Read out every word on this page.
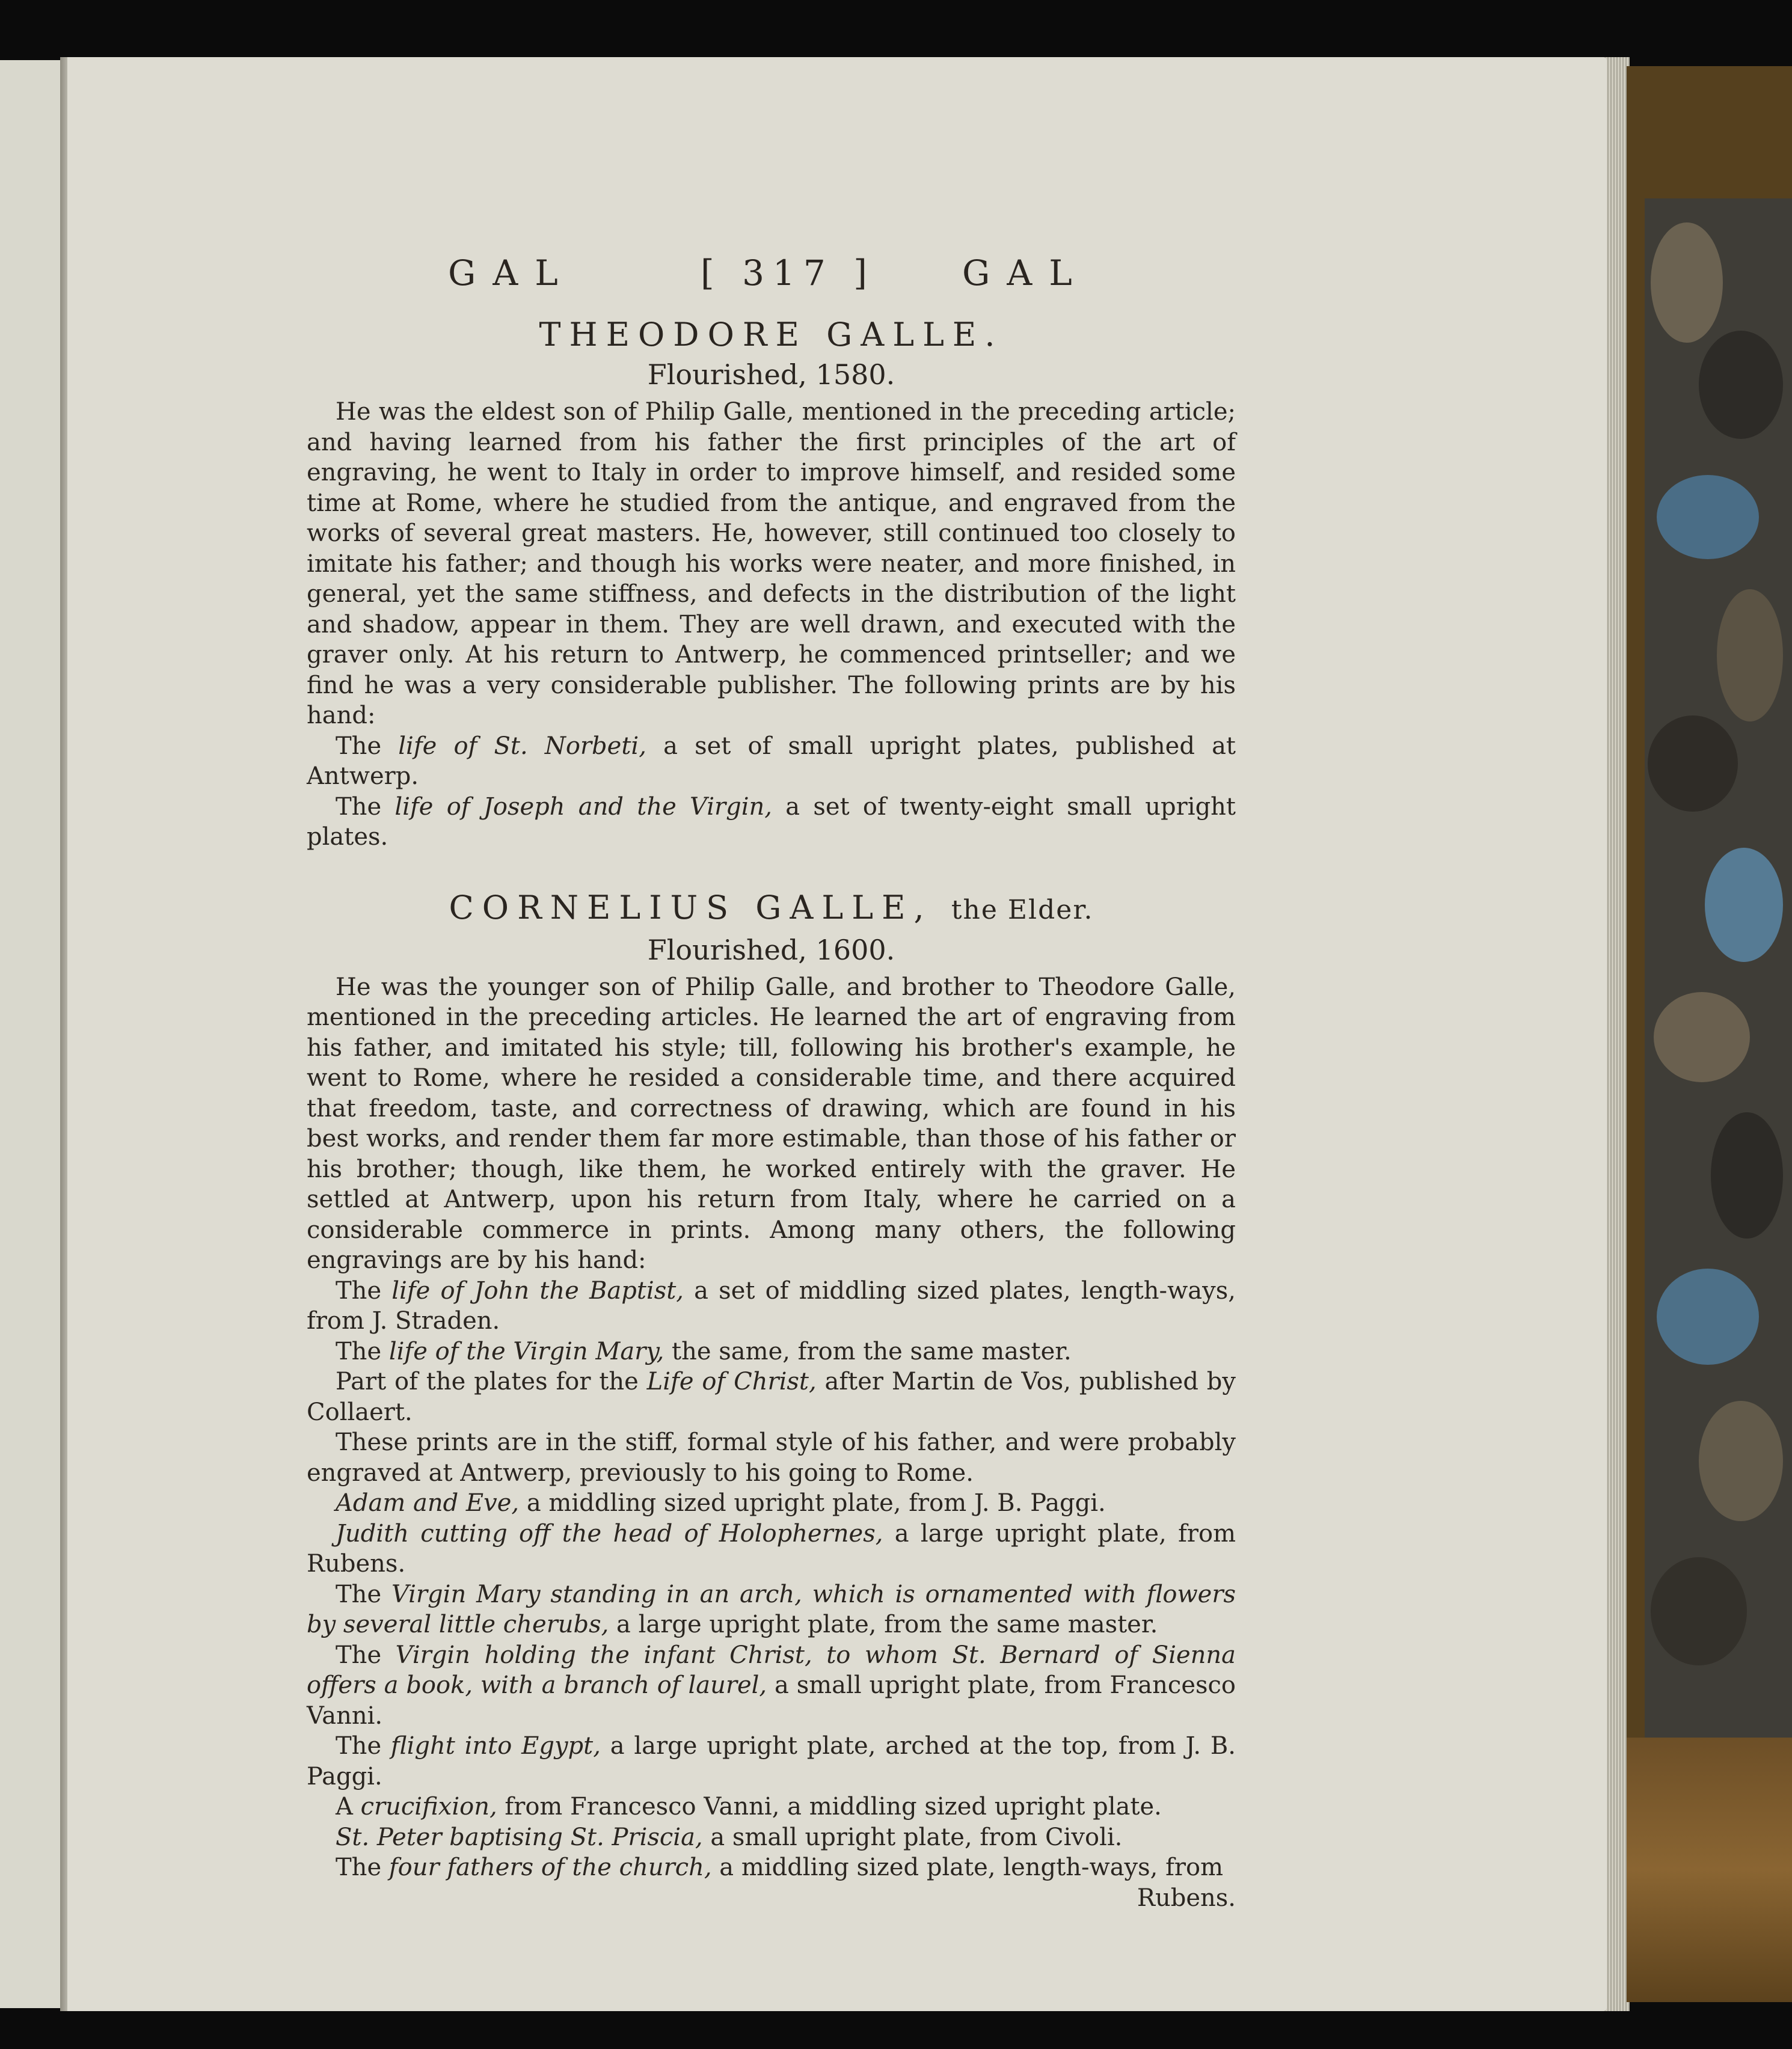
GAL	[ 317 ] GAL
THEODORE GALLE.
Flourished, 1580.

He was the eldest son of Philip Galle, mentioned in the preceding article; and having learned from his father the first principles of the art of engraving, he went to Italy in order to improve himself, and resided some time at Rome, where he studied from the antique, and engraved from the works of several great masters. He, however, still continued too closely to imitate his father; and though his works were neater, and more finished, in general, yet the same stiffness, and defects in the distribution of the light and shadow, appear in them. They are well drawn, and executed with the graver only. At his return to Antwerp, he commenced printseller; and we find he was a very considerable publisher. The following prints are by his hand:

The life of St. Norbeti, a set of small upright plates, published at Antwerp.

The life of Joseph and the Virgin, a set of twenty-eight small upright plates.

CORNELIUS GALLE, the Elder.
Flourished, 1600.

He was the younger son of Philip Galle, and brother to Theodore Galle, mentioned in the preceding articles. He learned the art of engraving from his father, and imitated his style; till, following his brother's example, he went to Rome, where he resided a considerable time, and there acquired that freedom, taste, and correctness of drawing, which are found in his best works, and render them far more estimable, than those of his father or his brother; though, like them, he worked entirely with the graver. He settled at Antwerp, upon his return from Italy, where he carried on a considerable commerce in prints. Among many others, the following engravings are by his hand:

The life of John the Baptist, a set of middling sized plates, length-ways, from J. Straden.

The life of the Virgin Mary, the same, from the same master.

Part of the plates for the Life of Christ, after Martin de Vos, published by Collaert.

These prints are in the stiff, formal style of his father, and were probably engraved at Antwerp, previously to his going to Rome.

Adam and Eve, a middling sized upright plate, from J. B. Paggi.

Judith cutting off the head of Holophernes, a large upright plate, from Rubens.

The Virgin Mary standing in an arch, which is ornamented with flowers by several little cherubs, a large upright plate, from the same master.

The Virgin holding the infant Christ, to whom St. Bernard of Sienna offers a book, with a branch of laurel, a small upright plate, from Francesco Vanni.

The flight into Egypt, a large upright plate, arched at the top, from J. B. Paggi.

A crucifixion, from Francesco Vanni, a middling sized upright plate.

St. Peter baptising St. Priscia, a small upright plate, from Civoli.

The four fathers of the church, a middling sized plate, length-ways, from

Rubens.
